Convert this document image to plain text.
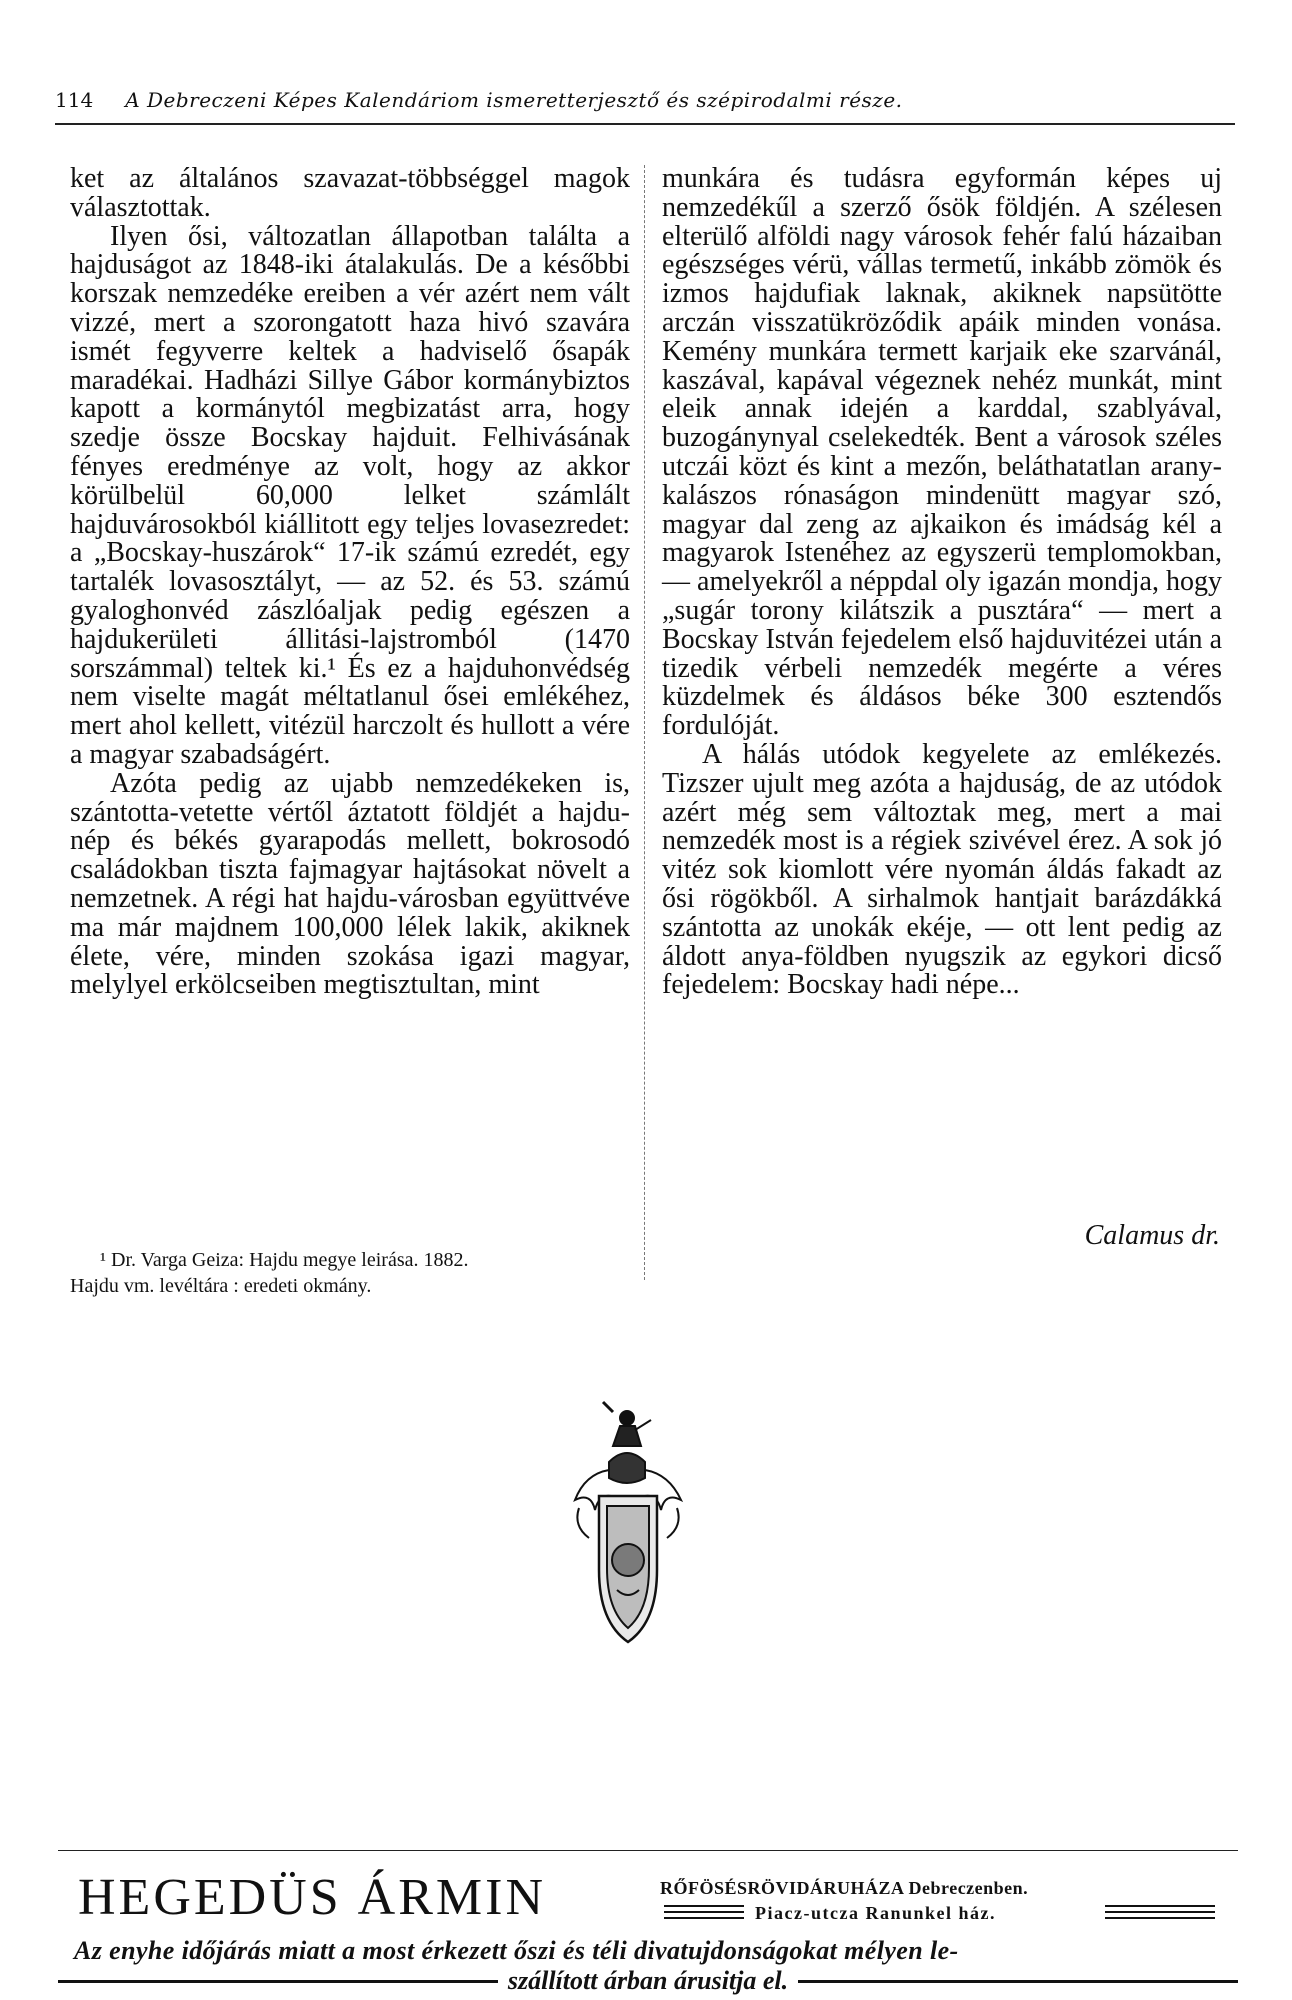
114 A Debreczeni Képes Kalendáriom ismeretterjesztő és szépirodalmi része.

ket az általános szavazat-többséggel magok választottak.

Ilyen ősi, változatlan állapotban találta a hajduságot az 1848-iki átalakulás. De a későbbi korszak nemzedéke ereiben a vér azért nem vált vizzé, mert a szorongatott haza hivó szavára ismét fegyverre keltek a hadviselő ősapák maradékai. Hadházi Sillye Gábor kormánybiztos kapott a kormánytól megbizatást arra, hogy szedje össze Bocskay hajduit. Felhivásának fényes eredménye az volt, hogy az akkor körülbelül 60,000 lelket számlált hajduvárosokból kiállitott egy teljes lovasezredet: a „Bocskay-huszárok“ 17-ik számú ezredét, egy tartalék lovasosztályt, — az 52. és 53. számú gyaloghonvéd zászlóaljak pedig egészen a hajdukerületi állitási-lajstromból (1470 sorszámmal) teltek ki.¹ És ez a hajduhonvédség nem viselte magát méltatlanul ősei emlékéhez, mert ahol kellett, vitézül harczolt és hullott a vére a magyar szabadságért.

Azóta pedig az ujabb nemzedékeken is, szántotta-vetette vértől áztatott földjét a hajdu-nép és békés gyarapodás mellett, bokrosodó családokban tiszta fajmagyar hajtásokat növelt a nemzetnek. A régi hat hajdu-városban együttvéve ma már majdnem 100,000 lélek lakik, akiknek élete, vére, minden szokása igazi magyar, melylyel erkölcseiben megtisztultan, mint

¹ Dr. Varga Geiza: Hajdu megye leirása. 1882.

Hajdu vm. levéltára : eredeti okmány.

munkára és tudásra egyformán képes uj nemzedékűl a szerző ősök földjén. A szélesen elterülő alföldi nagy városok fehér falú házaiban egészséges vérü, vállas termetű, inkább zömök és izmos hajdufiak laknak, akiknek napsütötte arczán visszatükröződik apáik minden vonása. Kemény munkára termett karjaik eke szarvánál, kaszával, kapával végeznek nehéz munkát, mint eleik annak idején a karddal, szablyával, buzogánynyal cselekedték. Bent a városok széles utczái közt és kint a mezőn, beláthatatlan arany-kalászos rónaságon mindenütt magyar szó, magyar dal zeng az ajkaikon és imádság kél a magyarok Istenéhez az egyszerü templomokban, — amelyekről a néppdal oly igazán mondja, hogy „sugár torony kilátszik a pusztára“ — mert a Bocskay István fejedelem első hajduvitézei után a tizedik vérbeli nemzedék megérte a véres küzdelmek és áldásos béke 300 esztendős fordulóját.

A hálás utódok kegyelete az emlékezés. Tizszer ujult meg azóta a hajduság, de az utódok azért még sem változtak meg, mert a mai nemzedék most is a régiek szivével érez. A sok jó vitéz sok kiomlott vére nyomán áldás fakadt az ősi rögökből. A sirhalmok hantjait barázdákká szántotta az unokák ekéje, — ott lent pedig az áldott anya-földben nyugszik az egykori dicső fejedelem: Bocskay hadi népe...

Calamus dr.
HEGEDÜS ÁRMIN	RŐFÖSÉSRÖVIDÁRUHÁZA Debreczenben.
Piacz-utcza Ranunkel ház.
Az enyhe időjárás miatt a most érkezett őszi és téli divatujdonságokat mélyen le-
szállított árban árusitja el.
